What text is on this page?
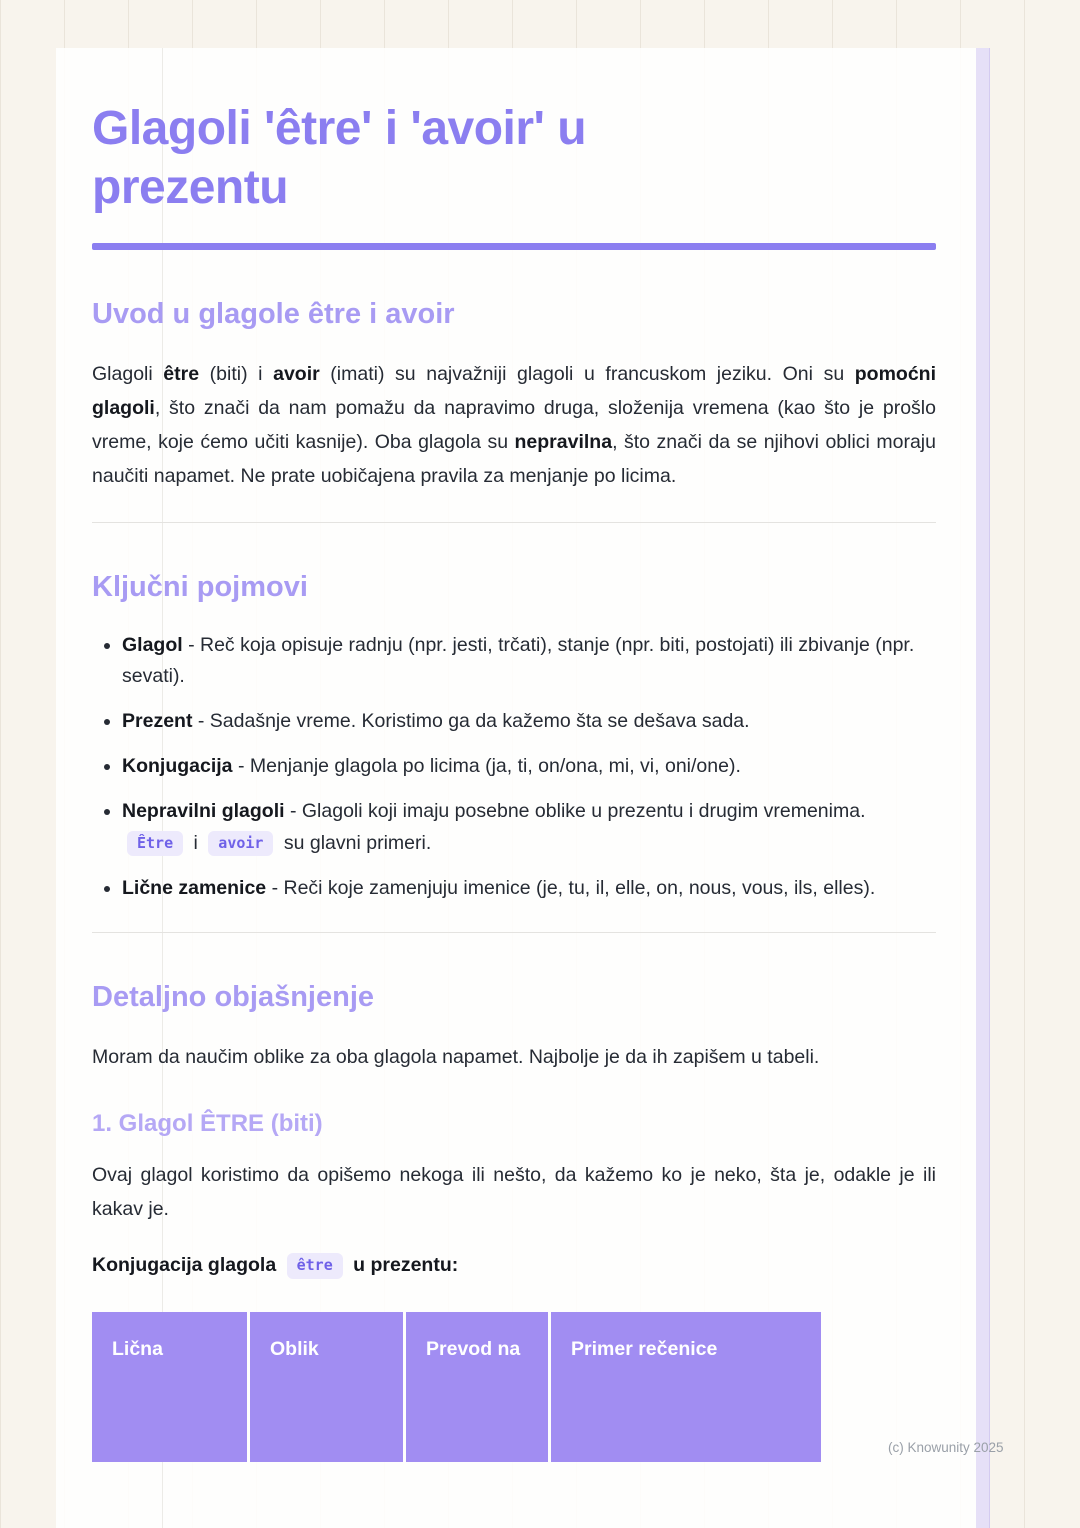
Glagoli 'être' i 'avoir' u prezentu
Uvod u glagole être i avoir

Glagoli être (biti) i avoir (imati) su najvažniji glagoli u francuskom jeziku. Oni su pomoćni glagoli, što znači da nam pomažu da napravimo druga, složenija vremena (kao što je prošlo vreme, koje ćemo učiti kasnije). Oba glagola su nepravilna, što znači da se njihovi oblici moraju naučiti napamet. Ne prate uobičajena pravila za menjanje po licima.

Ključni pojmovi
• Glagol - Reč koja opisuje radnju (npr. jesti, trčati), stanje (npr. biti, postojati) ili zbivanje (npr. sevati).
• Prezent - Sadašnje vreme. Koristimo ga da kažemo šta se dešava sada.
• Konjugacija - Menjanje glagola po licima (ja, ti, on/ona, mi, vi, oni/one).
• Nepravilni glagoli - Glagoli koji imaju posebne oblike u prezentu i drugim vremenima. Être i avoir su glavni primeri.
• Lične zamenice - Reči koje zamenjuju imenice (je, tu, il, elle, on, nous, vous, ils, elles).
Detaljno objašnjenje

Moram da naučim oblike za oba glagola napamet. Najbolje je da ih zapišem u tabeli.

1. Glagol ÊTRE (biti)

Ovaj glagol koristimo da opišemo nekoga ili nešto, da kažemo ko je neko, šta je, odakle je ili kakav je.

Konjugacija glagola être u prezentu:

Lična	Oblik	Prevod na	Primer rečenice
(c) Knowunity 2025
